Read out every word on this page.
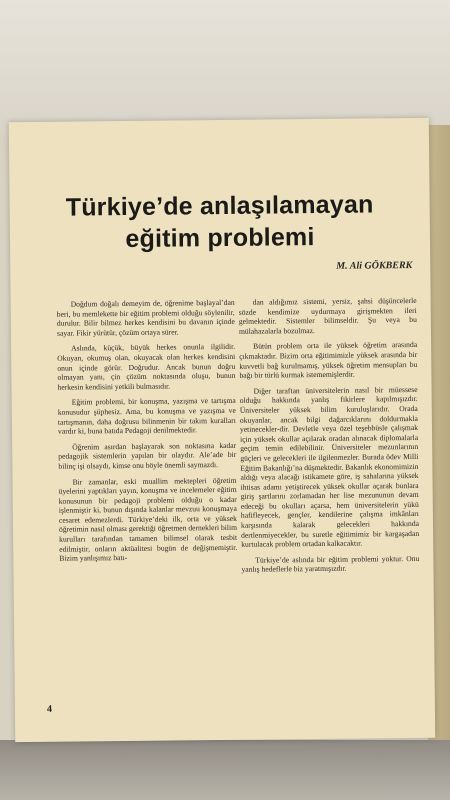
Türkiye’de anlaşılamayan
eğitim problemi
M. Ali GÖKBERK

Doğdum doğalı demeyim de, öğrenime başlayal’dan beri, bu memlekette bir eğitim problemi olduğu söylenilir, durulur. Bilir bilmez herkes kendisini bu davanın içinde sayar. Fikir yürütür, çözüm ortaya sürer.

Aslında, küçük, büyük herkes onunla ilgilidir. Okuyan, okumuş olan, okuyacak olan herkes kendisini onun içinde görür. Doğrudur. Ancak bunun doğru olmayan yanı, çin çözüm noktasında oluşu, bunun herkesin kendisini yetkili bulmasıdır.

Eğitim problemi, bir konuşma, yazışma ve tartışma konusudur şüphesiz. Ama, bu konuşma ve yazışma ve tartışmanın, daha doğrusu bilinmenin bir takım kuralları vardır ki, buna batıda Pedagoji denilmektedir.

Öğrenim asırdan başlayarak son noktasına kadar pedagojik sistemlerin yapılan bir olaydır. Ale’ade bir bilinç işi olsaydı, kimse onu böyle önemli saymazdı.

Bir zamanlar, eski muallim mektepleri öğretim üyelerini yaptıkları yayın, konuşma ve incelemeler eğitim konusunun bir pedagoji problemi olduğu o kadar işlenmiştir ki, bunun dışında kalanlar mevzuu konuşmaya cesaret edemezlerdi. Türkiye’deki ilk, orta ve yüksek öğretimin nasıl olması gerektiği öğretmen dernekleri bilim kurulları tarafından tamamen bilimsel olarak tesbit edilmiştir, onların aktüalitesi bugün de değişmemiştir. Bizim yanlışımız batı-

dan aldığımız sistemi, yersiz, şahsi düşüncelerle sözde kendimize uydurmaya girişmekten ileri gelmektedir. Sistemler bilimseldir. Şu veya bu mülahazalarla bozulmaz.

Bütün problem orta ile yüksek öğretim arasında çıkmaktadır. Bizim orta eğitimimizle yüksek arasında bir kuvvetli bağ kurulmamış, yüksek öğretim mensupları bu bağı bir türlü kurmak istememişlerdir.

Diğer taraftan üniversitelerin nasıl bir müessese olduğu hakkında yanlış fikirlere kapılmışızdır. Üniversiteler yüksek bilim kuruluşlarıdır. Orada okuyanlar, ancak bilgi dağarcıklarını doldurmakla yetinecekler-dir. Devletle veya özel teşebbüsle çalışmak için yüksek okullar açılarak oradan alınacak diplomalarla geçim temin edilebilinir. Üniversiteler mezunlarının güçleri ve gelecekleri ile ilgilenmezler. Burada ödev Milli Eğitim Bakanlığı’na düşmektedir. Bakanlık ekonomimizin aldığı veya alacağı istikamete göre, iş sahalarına yüksek ihtisas adamı yetiştirecek yüksek okullar açarak bunlara giriş şartlarını zorlamadan her lise mezununun devam edeceği bu okulları açarsa, hem üniversitelerin yükü hafifleyecek, gençler, kendilerine çalışma imkânları karşısında kalarak gelecekleri hakkında dertlenmiyecekler, bu suretle eğitimimiz bir kargaşadan kurtulacak problem ortadan kalkacaktır.

Türkiye’de aslında bir eğitim problemi yoktur. Onu yanlış hedeflerle biz yaratmışızdır.

4
